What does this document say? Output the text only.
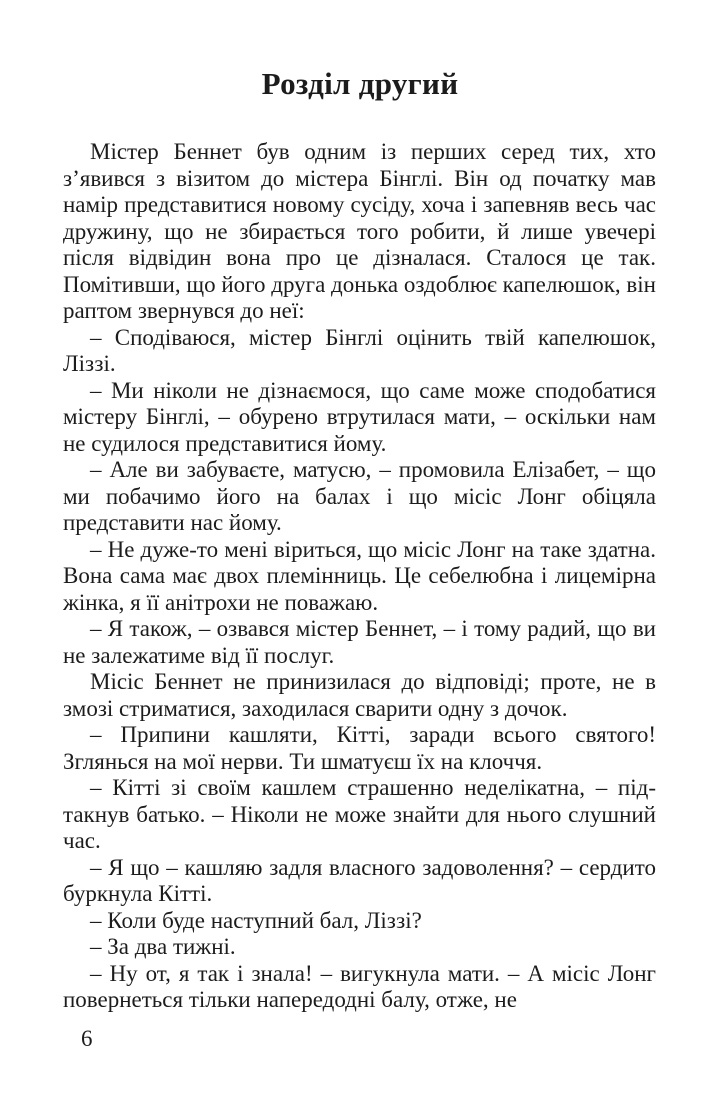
Розділ другий

Містер Беннет був одним із перших серед тих, хто з’явився з візитом до містера Бінглі. Він од початку мав намір представитися новому сусіду, хоча і запевняв весь час дружину, що не збирається того робити, й лише увечері після відвідин вона про це дізналася. Сталося це так. Помітивши, що його друга донька оздоблює капелюшок, він раптом звернувся до неї:

– Сподіваюся, містер Бінглі оцінить твій капелюшок, Ліззі.

– Ми ніколи не дізнаємося, що саме може сподобатися містеру Бінглі, – обурено втрутилася мати, – оскільки нам не судилося представитися йому.

– Але ви забуваєте, матусю, – промовила Елізабет, – що ми побачимо його на балах і що місіс Лонг обіцяла представити нас йому.

– Не дуже-то мені віриться, що місіс Лонг на таке здатна. Вона сама має двох племінниць. Це себелюбна і лицемірна жінка, я її анітрохи не поважаю.

– Я також, – озвався містер Беннет, – і тому радий, що ви не залежатиме від її послуг.

Місіс Беннет не принизилася до відповіді; проте, не в змозі стриматися, заходилася сварити одну з дочок.

– Припини кашляти, Кітті, заради всього святого! Зглянься на мої нерви. Ти шматуєш їх на клоччя.

– Кітті зі своїм кашлем страшенно неделікатна, – підтакнув батько. – Ніколи не може знайти для нього слушний час.

– Я що – кашляю задля власного задоволення? – сердито буркнула Кітті.

– Коли буде наступний бал, Ліззі?

– За два тижні.

– Ну от, я так і знала! – вигукнула мати. – А місіс Лонг повернеться тільки напередодні балу, отже, не

6
